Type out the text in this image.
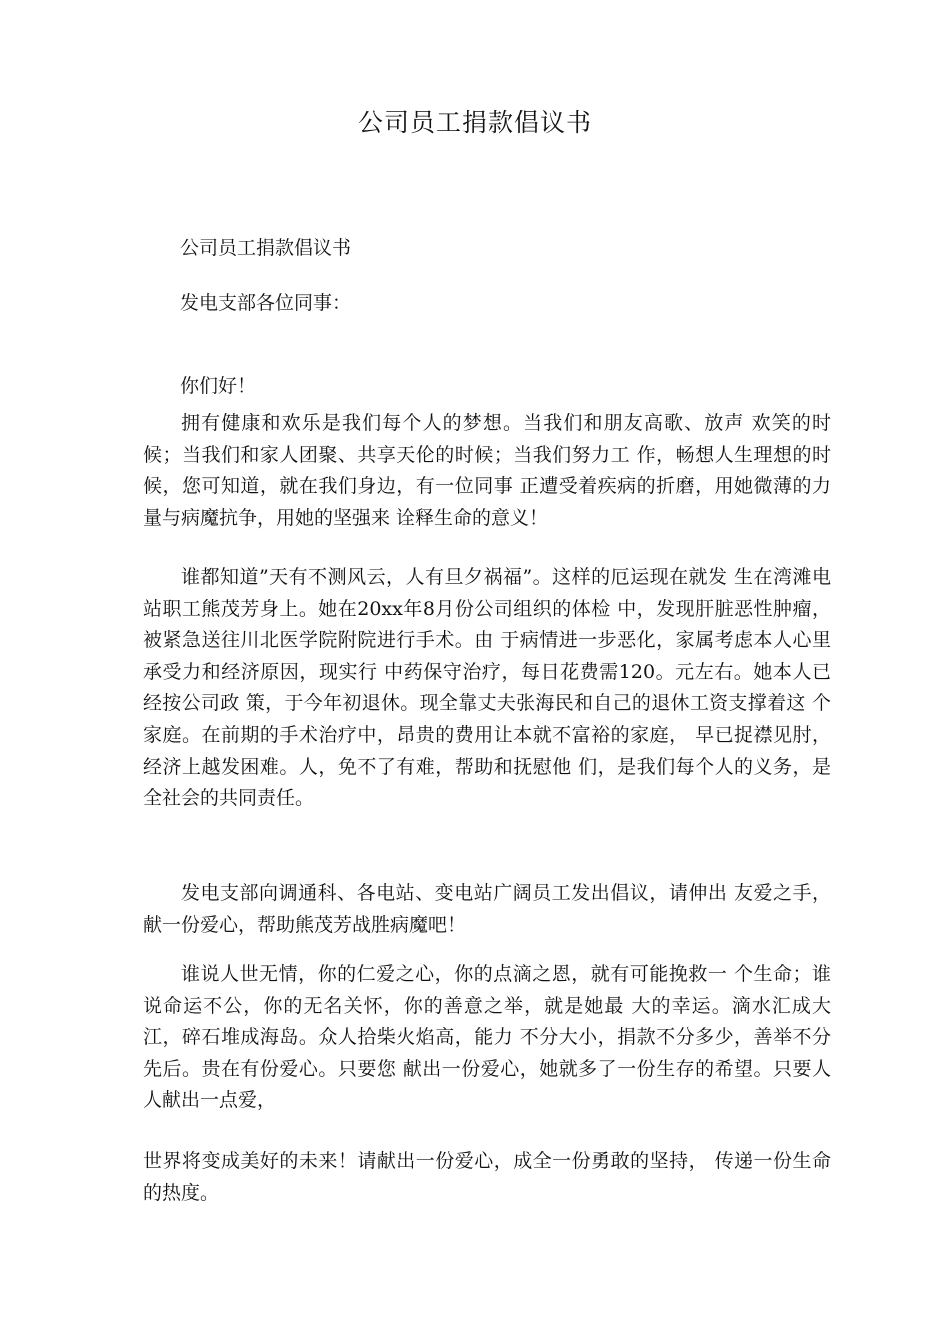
公司员工捐款倡议书
公司员工捐款倡议书
发电支部各位同事：
你们好！

拥有健康和欢乐是我们每个人的梦想。当我们和朋友高歌、放声 欢笑的时候；当我们和家人团聚、共享天伦的时候；当我们努力工 作，畅想人生理想的时候，您可知道，就在我们身边，有一位同事 正遭受着疾病的折磨，用她微薄的力量与病魔抗争，用她的坚强来 诠释生命的意义！

谁都知道”天有不测风云，人有旦夕祸福”。这样的厄运现在就发 生在湾滩电站职工熊茂芳身上。她在20xx年8月份公司组织的体检 中，发现肝脏恶性肿瘤，被紧急送往川北医学院附院进行手术。由 于病情进一步恶化，家属考虑本人心里承受力和经济原因，现实行 中药保守治疗，每日花费需120。元左右。她本人已经按公司政 策，于今年初退休。现全靠丈夫张海民和自己的退休工资支撑着这 个家庭。在前期的手术治疗中，昂贵的费用让本就不富裕的家庭， 早已捉襟见肘，经济上越发困难。人，免不了有难，帮助和抚慰他 们，是我们每个人的义务，是全社会的共同责任。

发电支部向调通科、各电站、变电站广阔员工发出倡议，请伸出 友爱之手，献一份爱心，帮助熊茂芳战胜病魔吧！

谁说人世无情，你的仁爱之心，你的点滴之恩，就有可能挽救一 个生命；谁说命运不公，你的无名关怀，你的善意之举，就是她最 大的幸运。滴水汇成大江，碎石堆成海岛。众人拾柴火焰高，能力 不分大小，捐款不分多少，善举不分先后。贵在有份爱心。只要您 献出一份爱心，她就多了一份生存的希望。只要人人献出一点爱，

世界将变成美好的未来！请献出一份爱心，成全一份勇敢的坚持， 传递一份生命的热度。
